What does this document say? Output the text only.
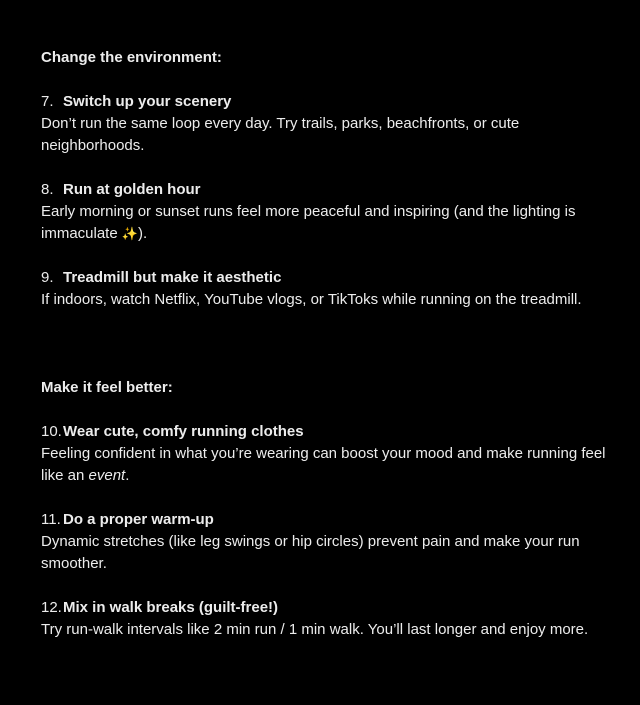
Change the environment:
7. Switch up your scenery
Don’t run the same loop every day. Try trails, parks, beachfronts, or cute neighborhoods.
8. Run at golden hour
Early morning or sunset runs feel more peaceful and inspiring (and the lighting is immaculate ✨).
9. Treadmill but make it aesthetic
If indoors, watch Netflix, YouTube vlogs, or TikToks while running on the treadmill.
Make it feel better:
10.Wear cute, comfy running clothes
Feeling confident in what you’re wearing can boost your mood and make running feel like an event.
11. Do a proper warm-up
Dynamic stretches (like leg swings or hip circles) prevent pain and make your run smoother.
12.Mix in walk breaks (guilt-free!)
Try run-walk intervals like 2 min run / 1 min walk. You’ll last longer and enjoy more.
